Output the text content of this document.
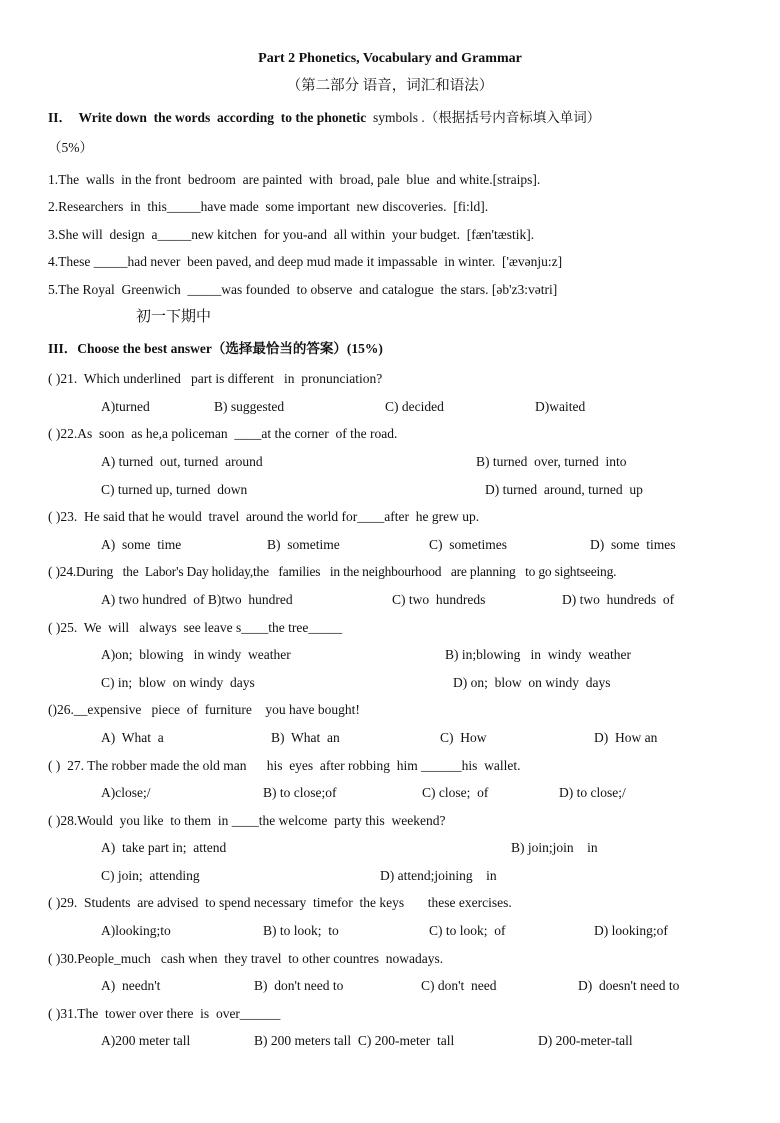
Part 2 Phonetics, Vocabulary and Grammar
（第二部分 语音，词汇和语法）
II．  Write down  the words  according  to the phonetic  symbols .（根据括号内音标填入单词）
（5%）
1.The  walls  in the front  bedroom  are painted  with  broad, pale  blue  and white.[straips].
2.Researchers  in  this_____have made  some important  new discoveries.  [fi:ld].
3.She will  design  a_____new kitchen  for you-and  all within  your budget.  [fæn'tæstik].
4.These _____had never  been paved, and deep mud made it impassable  in winter.  ['ævənju:z]
5.The Royal  Greenwich  _____was founded  to observe  and catalogue  the stars. [əb'z3:vətri]
初一下期中
III．Choose the best answer（选择最恰当的答案）(15%)
( )21.  Which underlined   part is different   in  pronunciation?
A)turned	B) suggested	C) decided	D)waited
( )22.As  soon  as he,a policeman  ____at the corner  of the road.
A) turned  out, turned  around	B) turned  over, turned  into
C) turned up, turned  down	D) turned  around, turned  up
( )23.  He said that he would  travel  around the world for____after  he grew up.
A)  some  time	B)  sometime	C)  sometimes	D)  some  times
( )24.During   the  Labor's Day holiday,the   families   in the neighbourhood   are planning   to go sightseeing.
A) two hundred  of B)two  hundred	C) two  hundreds	D) two  hundreds  of
( )25.  We  will   always  see leave s____the tree_____
A)on;  blowing   in windy  weather	B) in;blowing   in  windy  weather
C) in;  blow  on windy  days	D) on;  blow  on windy  days
()26.__expensive   piece  of  furniture    you have bought!
A)  What  a	B)  What  an	C)  How	D)  How an
( )  27. The robber made the old man      his  eyes  after robbing  him ______his  wallet.
A)close;/	B) to close;of	C) close;  of	D) to close;/
( )28.Would  you like  to them  in ____the welcome  party this  weekend?
A)  take part in;  attend	B) join;join    in
C) join;  attending	D) attend;joining    in
( )29.  Students  are advised  to spend necessary  timefor  the keys       these exercises.
A)looking;to	B) to look;  to	C) to look;  of	D) looking;of
( )30.People_much   cash when  they travel  to other countres  nowadays.
A)  needn't	B)  don't need to	C) don't  need	D)  doesn't need to
( )31.The  tower over there  is  over______
A)200 meter tall	B) 200 meters tall  C) 200-meter  tall	D) 200-meter-tall
